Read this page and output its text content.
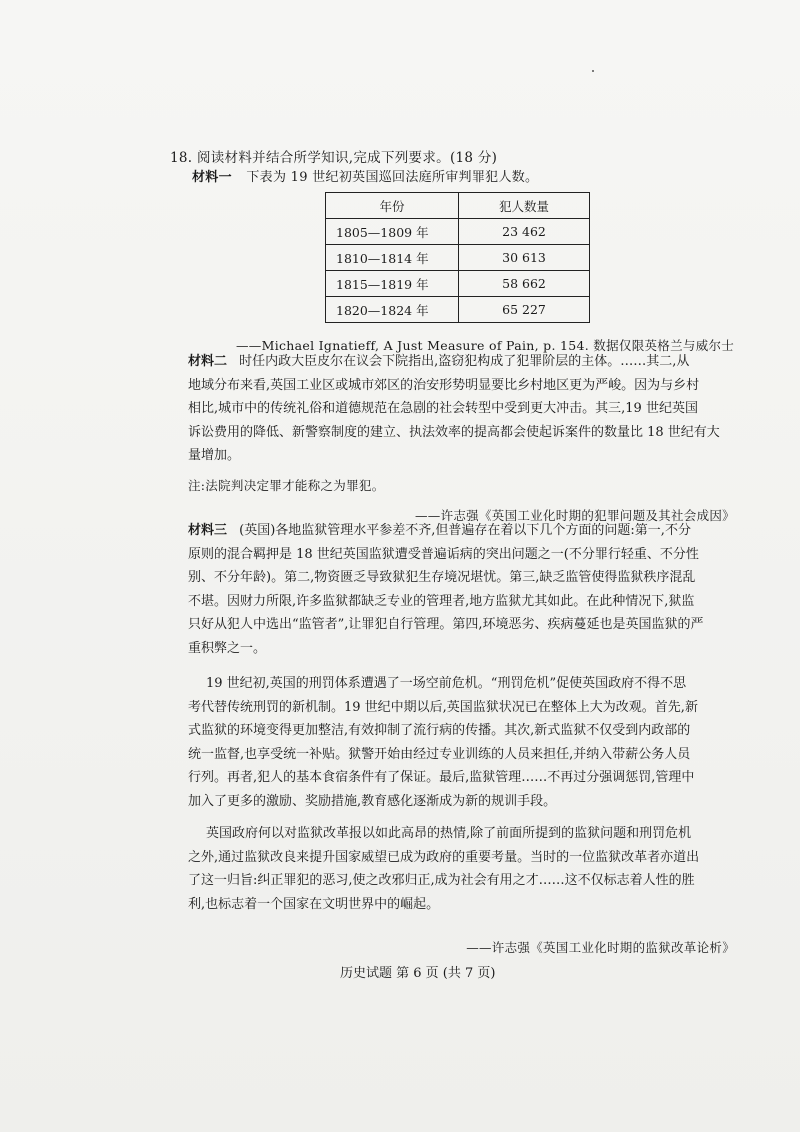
18. 阅读材料并结合所学知识,完成下列要求。(18 分)
材料一 下表为 19 世纪初英国巡回法庭所审判罪犯人数。
年份	犯人数量
1805—1809 年	23 462
1810—1814 年	30 613
1815—1819 年	58 662
1820—1824 年	65 227
——Michael Ignatieff, A Just Measure of Pain, p. 154. 数据仅限英格兰与威尔士
材料二 时任内政大臣皮尔在议会下院指出,盗窃犯构成了犯罪阶层的主体。……其二,从
地域分布来看,英国工业区或城市郊区的治安形势明显要比乡村地区更为严峻。因为与乡村
相比,城市中的传统礼俗和道德规范在急剧的社会转型中受到更大冲击。其三,19 世纪英国
诉讼费用的降低、新警察制度的建立、执法效率的提高都会使起诉案件的数量比 18 世纪有大
量增加。
注:法院判决定罪才能称之为罪犯。
——许志强《英国工业化时期的犯罪问题及其社会成因》
材料三 (英国)各地监狱管理水平参差不齐,但普遍存在着以下几个方面的问题:第一,不分
原则的混合羁押是 18 世纪英国监狱遭受普遍诟病的突出问题之一(不分罪行轻重、不分性
别、不分年龄)。第二,物资匮乏导致狱犯生存境况堪忧。第三,缺乏监管使得监狱秩序混乱
不堪。因财力所限,许多监狱都缺乏专业的管理者,地方监狱尤其如此。在此种情况下,狱监
只好从犯人中选出“监管者”,让罪犯自行管理。第四,环境恶劣、疾病蔓延也是英国监狱的严
重积弊之一。
19 世纪初,英国的刑罚体系遭遇了一场空前危机。“刑罚危机”促使英国政府不得不思
考代替传统刑罚的新机制。19 世纪中期以后,英国监狱状况已在整体上大为改观。首先,新
式监狱的环境变得更加整洁,有效抑制了流行病的传播。其次,新式监狱不仅受到内政部的
统一监督,也享受统一补贴。狱警开始由经过专业训练的人员来担任,并纳入带薪公务人员
行列。再者,犯人的基本食宿条件有了保证。最后,监狱管理……不再过分强调惩罚,管理中
加入了更多的激励、奖励措施,教育感化逐渐成为新的规训手段。
英国政府何以对监狱改革报以如此高昂的热情,除了前面所提到的监狱问题和刑罚危机
之外,通过监狱改良来提升国家威望已成为政府的重要考量。当时的一位监狱改革者亦道出
了这一归旨:纠正罪犯的恶习,使之改邪归正,成为社会有用之才……这不仅标志着人性的胜
利,也标志着一个国家在文明世界中的崛起。
——许志强《英国工业化时期的监狱改革论析》
历史试题 第 6 页 (共 7 页)
